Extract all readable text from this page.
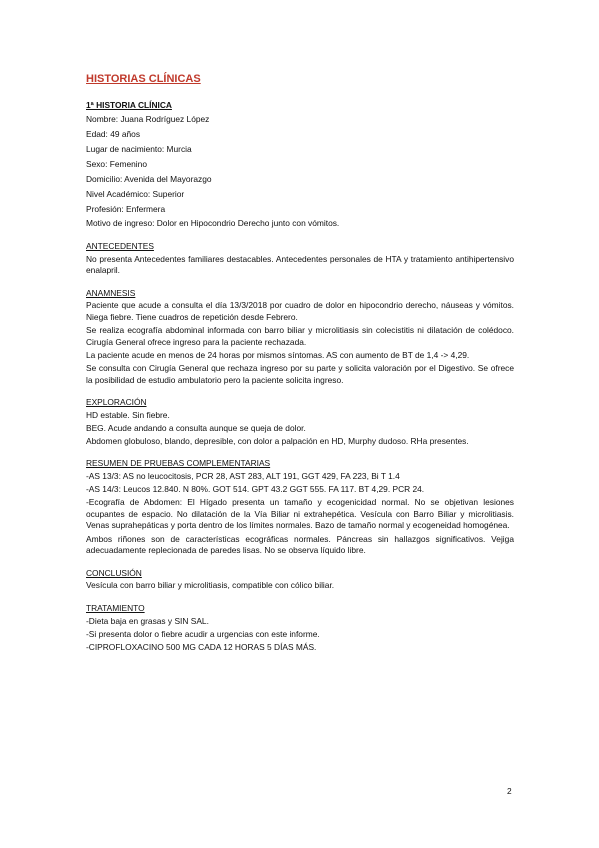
HISTORIAS CLÍNICAS
1ª HISTORIA CLÍNICA
Nombre: Juana Rodríguez López
Edad: 49 años
Lugar de nacimiento: Murcia
Sexo: Femenino
Domicilio: Avenida del Mayorazgo
Nivel Académico: Superior
Profesión: Enfermera
Motivo de ingreso: Dolor en Hipocondrio Derecho junto con vómitos.
ANTECEDENTES
No presenta Antecedentes familiares destacables. Antecedentes personales de HTA y tratamiento antihipertensivo enalapril.
ANAMNESIS
Paciente que acude a consulta el día 13/3/2018 por cuadro de dolor en hipocondrio derecho, náuseas y vómitos. Niega fiebre. Tiene cuadros de repetición desde Febrero.
Se realiza ecografía abdominal informada con barro biliar y microlitiasis sin colecistitis ni dilatación de colédoco. Cirugía General ofrece ingreso para la paciente rechazada.
La paciente acude en menos de 24 horas por mismos síntomas. AS con aumento de BT de 1,4 -> 4,29.
Se consulta con Cirugía General que rechaza ingreso por su parte y solicita valoración por el Digestivo. Se ofrece la posibilidad de estudio ambulatorio pero la paciente solicita ingreso.
EXPLORACIÓN
HD estable. Sin fiebre.
BEG. Acude andando a consulta aunque se queja de dolor.
Abdomen globuloso, blando, depresible, con dolor a palpación en HD, Murphy dudoso. RHa presentes.
RESUMEN DE PRUEBAS COMPLEMENTARIAS
-AS 13/3: AS no leucocitosis, PCR 28, AST 283, ALT 191, GGT 429, FA 223, Bi T 1.4
-AS 14/3: Leucos 12.840. N 80%. GOT 514. GPT 43.2 GGT 555. FA 117. BT 4,29. PCR 24.
-Ecografía de Abdomen: El Hígado presenta un tamaño y ecogenicidad normal. No se objetivan lesiones ocupantes de espacio. No dilatación de la Vía Biliar ni extrahepética. Vesícula con Barro Biliar y microlitiasis. Venas suprahepáticas y porta dentro de los límites normales. Bazo de tamaño normal y ecogeneidad homogénea.
Ambos riñones son de características ecográficas normales. Páncreas sin hallazgos significativos. Vejiga adecuadamente replecionada de paredes lisas. No se observa líquido libre.
CONCLUSIÓN
Vesícula con barro biliar y microlitiasis, compatible con cólico biliar.
TRATAMIENTO
-Dieta baja en grasas y SIN SAL.
-Si presenta dolor o fiebre acudir a urgencias con este informe.
-CIPROFLOXACINO 500 MG CADA 12 HORAS 5 DÍAS MÁS.
2
